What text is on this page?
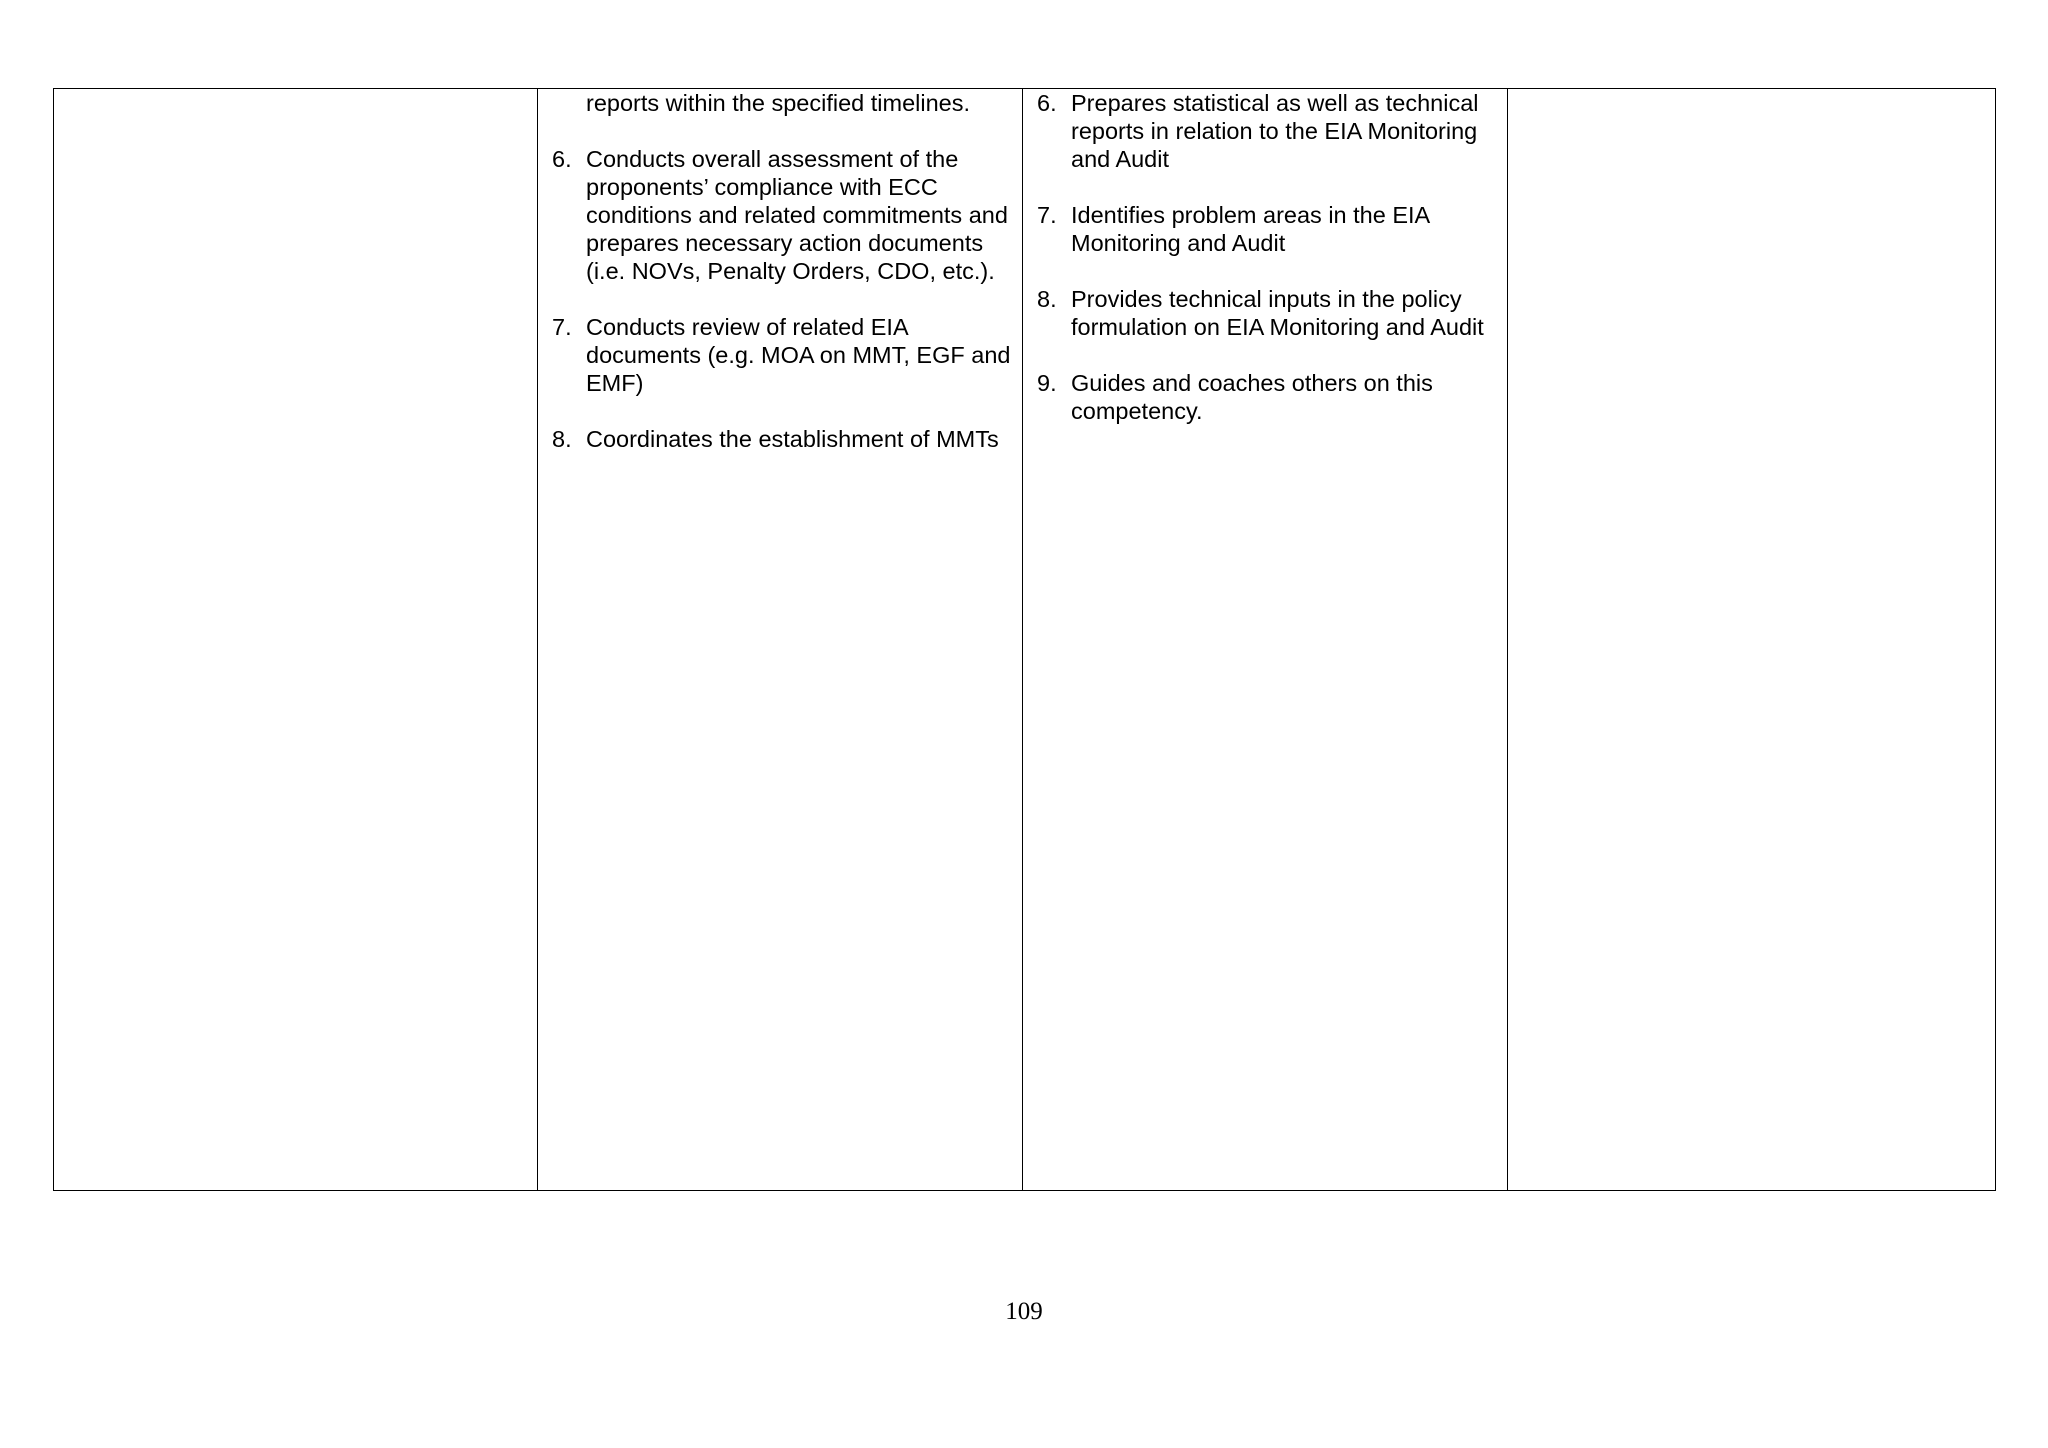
reports within the specified timelines.
6. Conducts overall assessment of the proponents’ compliance with ECC conditions and related commitments and prepares necessary action documents (i.e. NOVs, Penalty Orders, CDO, etc.).
7. Conducts review of related EIA documents (e.g. MOA on MMT, EGF and EMF)
8. Coordinates the establishment of MMTs
6. Prepares statistical as well as technical reports in relation to the EIA Monitoring and Audit
7. Identifies problem areas in the EIA Monitoring and Audit
8. Provides technical inputs in the policy formulation on EIA Monitoring and Audit
9. Guides and coaches others on this competency.
109
